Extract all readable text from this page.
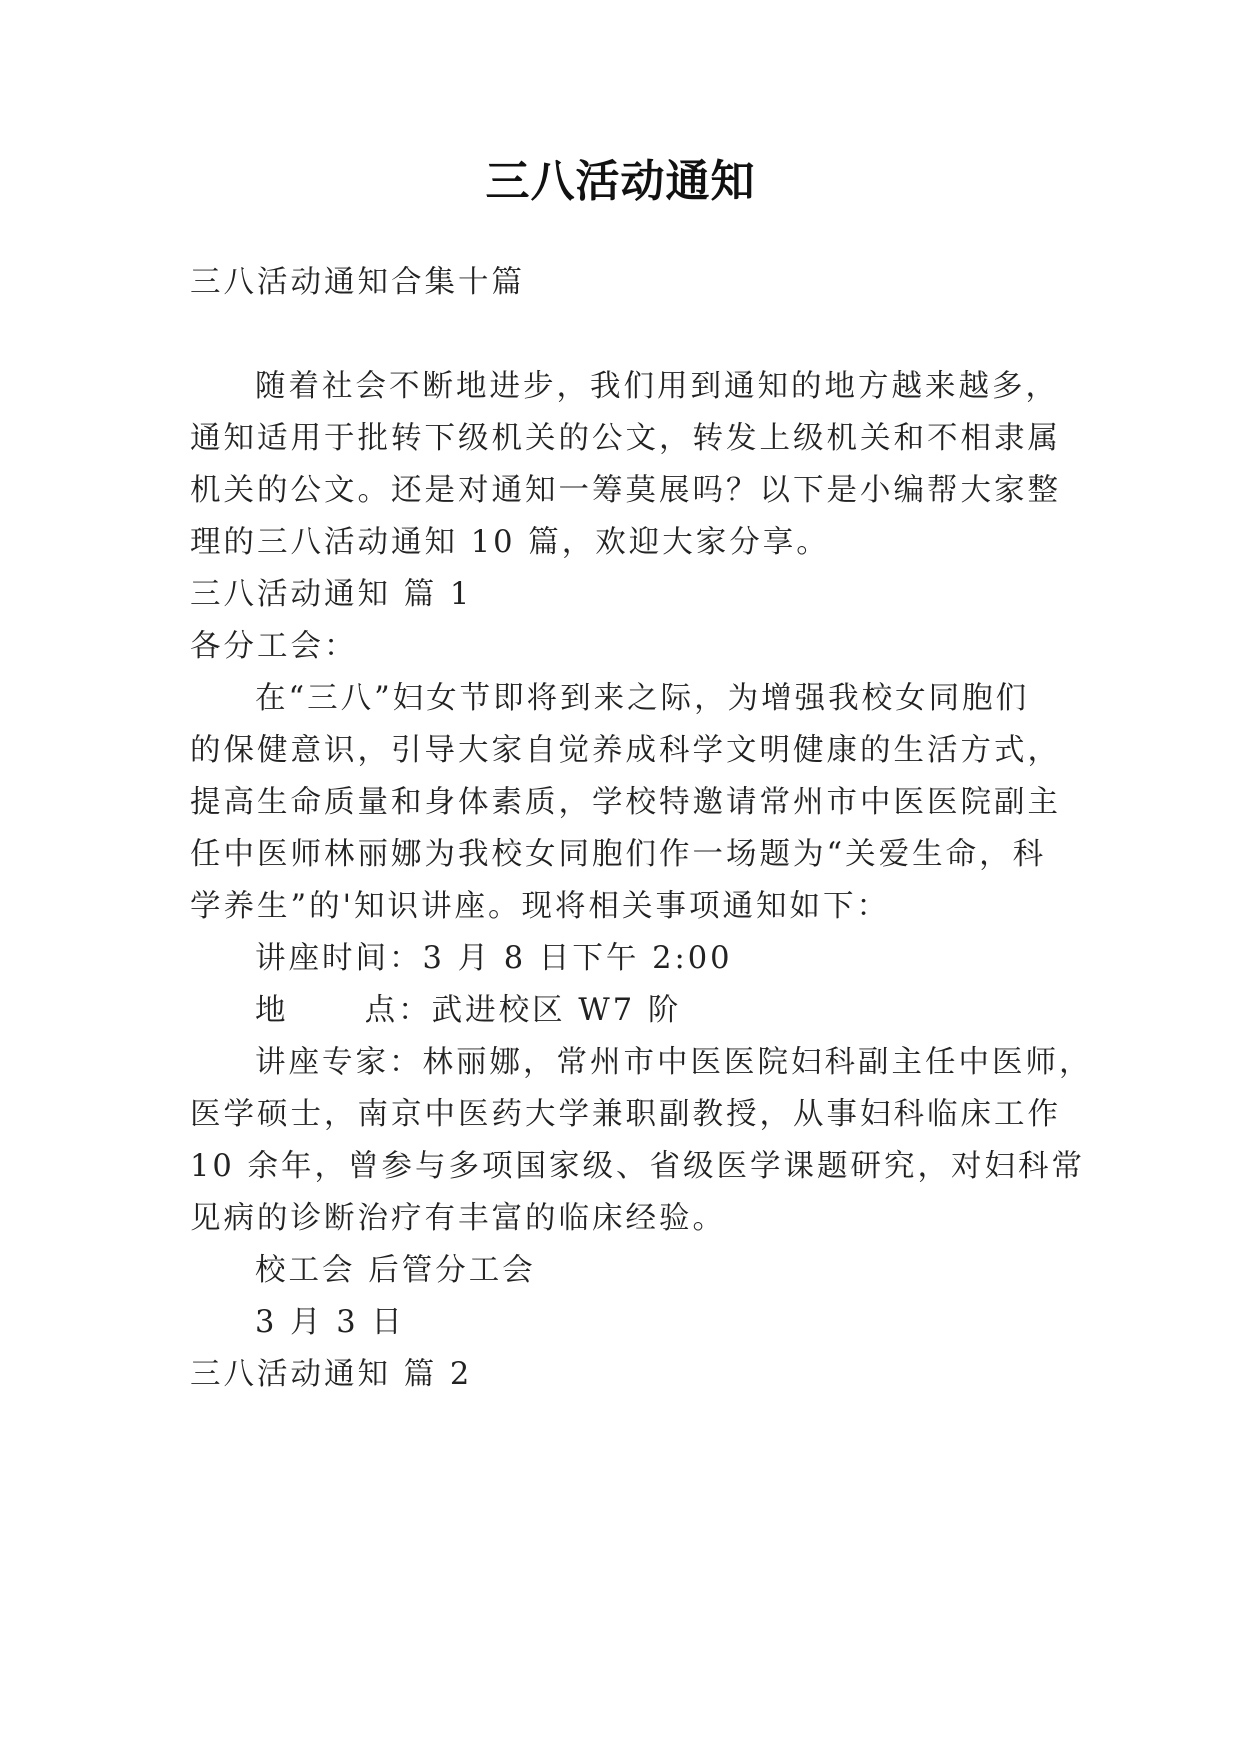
三八活动通知
三八活动通知合集十篇
随着社会不断地进步，我们用到通知的地方越来越多，
通知适用于批转下级机关的公文，转发上级机关和不相隶属
机关的公文。还是对通知一筹莫展吗？以下是小编帮大家整
理的三八活动通知 10 篇，欢迎大家分享。
三八活动通知 篇 1
各分工会：
在“三八”妇女节即将到来之际，为增强我校女同胞们
的保健意识，引导大家自觉养成科学文明健康的生活方式，
提高生命质量和身体素质，学校特邀请常州市中医医院副主
任中医师林丽娜为我校女同胞们作一场题为“关爱生命，科
学养生”的'知识讲座。现将相关事项通知如下：
讲座时间：3 月 8 日下午 2:00
地      点：武进校区 W7 阶
讲座专家：林丽娜，常州市中医医院妇科副主任中医师，
医学硕士，南京中医药大学兼职副教授，从事妇科临床工作
10 余年，曾参与多项国家级、省级医学课题研究，对妇科常
见病的诊断治疗有丰富的临床经验。
校工会 后管分工会
3 月 3 日
三八活动通知 篇 2
